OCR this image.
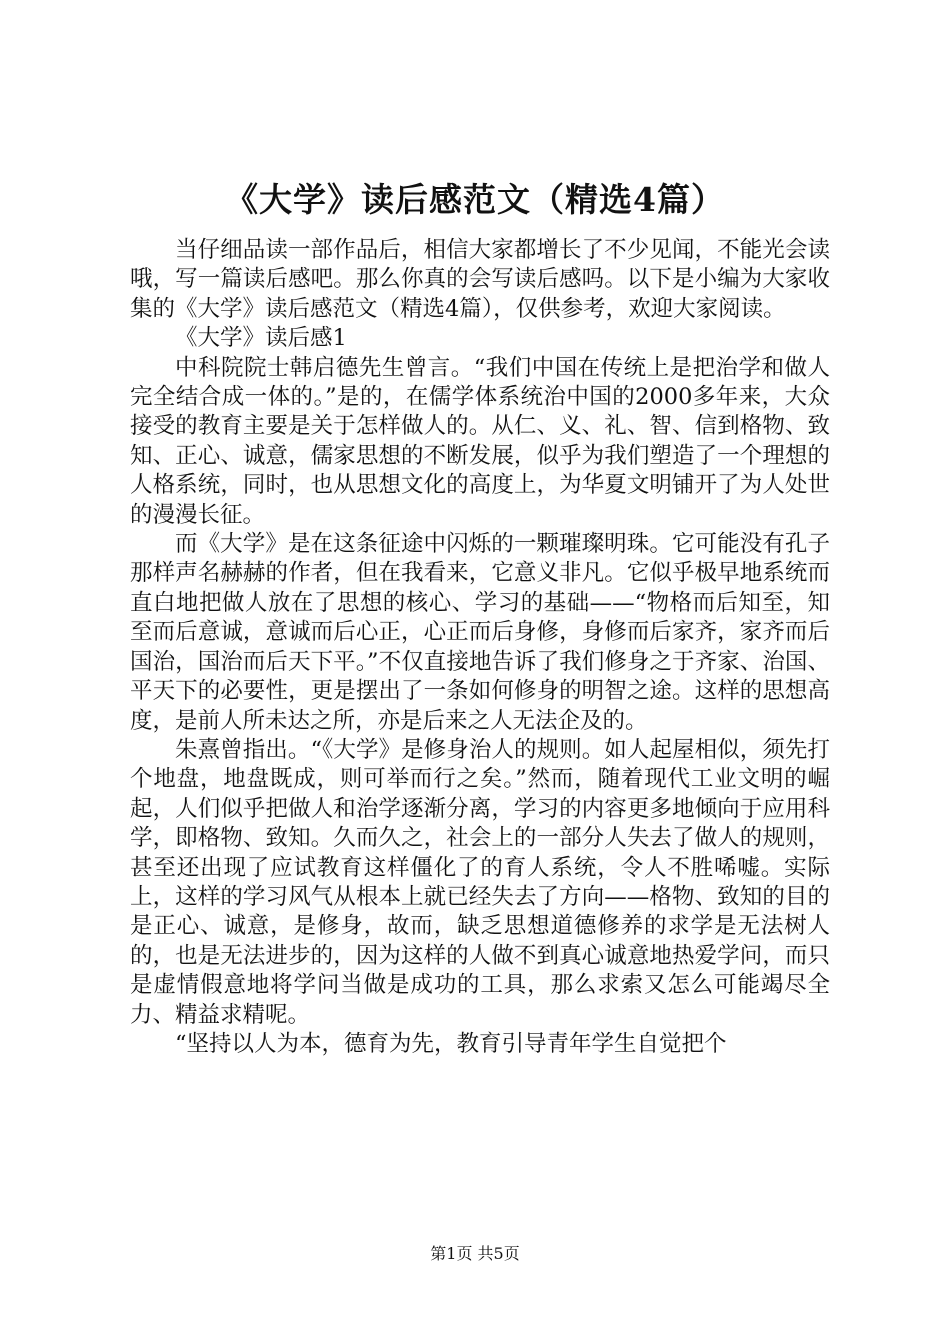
《大学》读后感范文（精选4篇）

当仔细品读一部作品后，相信大家都增长了不少见闻，不能光会读哦，写一篇读后感吧。那么你真的会写读后感吗。以下是小编为大家收集的《大学》读后感范文（精选4篇），仅供参考，欢迎大家阅读。

《大学》读后感1

中科院院士韩启德先生曾言。“我们中国在传统上是把治学和做人完全结合成一体的。”是的，在儒学体系统治中国的2000多年来，大众接受的教育主要是关于怎样做人的。从仁、义、礼、智、信到格物、致知、正心、诚意，儒家思想的不断发展，似乎为我们塑造了一个理想的人格系统，同时，也从思想文化的高度上，为华夏文明铺开了为人处世的漫漫长征。

而《大学》是在这条征途中闪烁的一颗璀璨明珠。它可能没有孔子那样声名赫赫的作者，但在我看来，它意义非凡。它似乎极早地系统而直白地把做人放在了思想的核心、学习的基础——“物格而后知至，知至而后意诚，意诚而后心正，心正而后身修，身修而后家齐，家齐而后国治，国治而后天下平。”不仅直接地告诉了我们修身之于齐家、治国、平天下的必要性，更是摆出了一条如何修身的明智之途。这样的思想高度，是前人所未达之所，亦是后来之人无法企及的。

朱熹曾指出。“《大学》是修身治人的规则。如人起屋相似，须先打个地盘，地盘既成，则可举而行之矣。”然而，随着现代工业文明的崛起，人们似乎把做人和治学逐渐分离，学习的内容更多地倾向于应用科学，即格物、致知。久而久之，社会上的一部分人失去了做人的规则，甚至还出现了应试教育这样僵化了的育人系统，令人不胜唏嘘。实际上，这样的学习风气从根本上就已经失去了方向——格物、致知的目的是正心、诚意，是修身，故而，缺乏思想道德修养的求学是无法树人的，也是无法进步的，因为这样的人做不到真心诚意地热爱学问，而只是虚情假意地将学问当做是成功的工具，那么求索又怎么可能竭尽全力、精益求精呢。

“坚持以人为本，德育为先，教育引导青年学生自觉把个

第1页 共5页
